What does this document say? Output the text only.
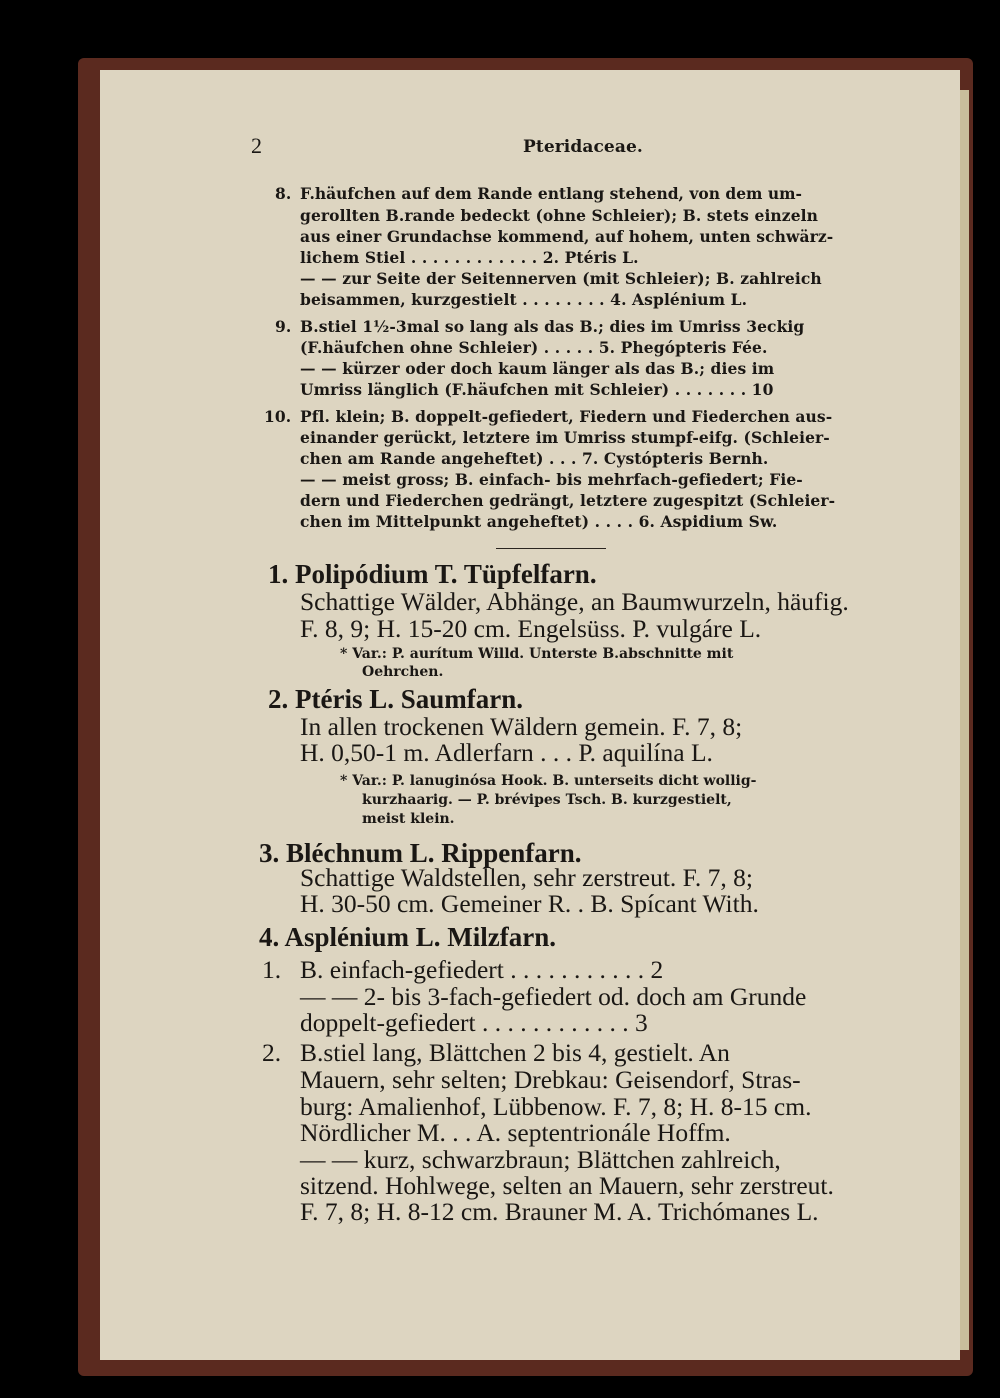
2	Pteridaceae.

8. F.häufchen auf dem Rande entlang stehend, von dem um-

gerollten B.rande bedeckt (ohne Schleier); B. stets einzeln

aus einer Grundachse kommend, auf hohem, unten schwärz-

lichem Stiel . . . . . . . . . . . . 2. Ptéris L.

— — zur Seite der Seitennerven (mit Schleier); B. zahlreich

beisammen, kurzgestielt . . . . . . . . 4. Asplénium L.

9. B.stiel 1½-3mal so lang als das B.; dies im Umriss 3eckig

(F.häufchen ohne Schleier) . . . . . 5. Phegópteris Fée.

— — kürzer oder doch kaum länger als das B.; dies im

Umriss länglich (F.häufchen mit Schleier) . . . . . . . 10

10. Pfl. klein; B. doppelt-gefiedert, Fiedern und Fiederchen aus-

einander gerückt, letztere im Umriss stumpf-eifg. (Schleier-

chen am Rande angeheftet) . . . 7. Cystópteris Bernh.

— — meist gross; B. einfach- bis mehrfach-gefiedert; Fie-

dern und Fiederchen gedrängt, letztere zugespitzt (Schleier-

chen im Mittelpunkt angeheftet) . . . . 6. Aspidium Sw.

1. Polipódium T. Tüpfelfarn.

Schattige Wälder, Abhänge, an Baumwurzeln, häufig.

F. 8, 9; H. 15-20 cm. Engelsüss. P. vulgáre L.

* Var.: P. aurítum Willd. Unterste B.abschnitte mit

Oehrchen.

2. Ptéris L. Saumfarn.

In allen trockenen Wäldern gemein. F. 7, 8;

H. 0,50-1 m. Adlerfarn . . . P. aquilína L.

* Var.: P. lanuginósa Hook. B. unterseits dicht wollig-

kurzhaarig. — P. brévipes Tsch. B. kurzgestielt,

meist klein.

3. Bléchnum L. Rippenfarn.

Schattige Waldstellen, sehr zerstreut. F. 7, 8;

H. 30-50 cm. Gemeiner R. . B. Spícant With.

4. Asplénium L. Milzfarn.

1. B. einfach-gefiedert . . . . . . . . . . . 2

— — 2- bis 3-fach-gefiedert od. doch am Grunde

doppelt-gefiedert . . . . . . . . . . . . 3

2. B.stiel lang, Blättchen 2 bis 4, gestielt. An

Mauern, sehr selten; Drebkau: Geisendorf, Stras-

burg: Amalienhof, Lübbenow. F. 7, 8; H. 8-15 cm.

Nördlicher M. . . A. septentrionále Hoffm.

— — kurz, schwarzbraun; Blättchen zahlreich,

sitzend. Hohlwege, selten an Mauern, sehr zerstreut.

F. 7, 8; H. 8-12 cm. Brauner M. A. Trichómanes L.
